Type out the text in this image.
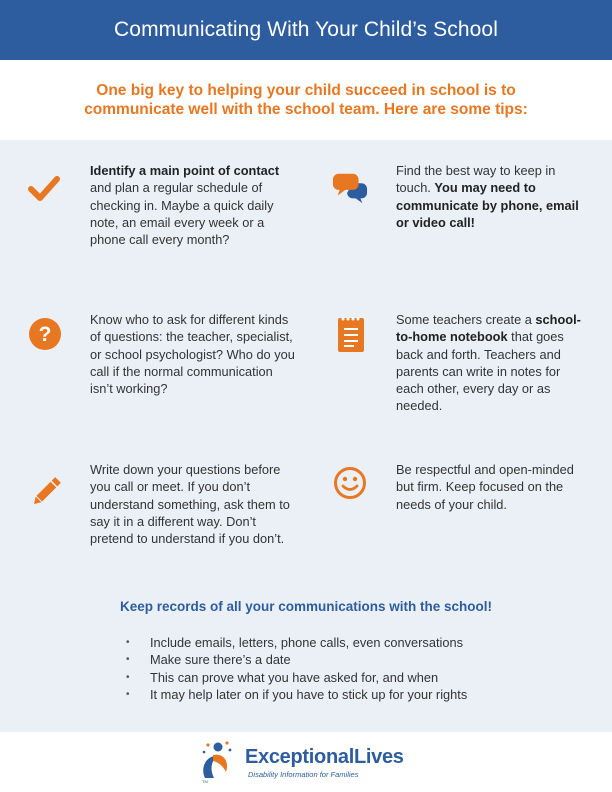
Communicating With Your Child’s School

One big key to helping your child succeed in school is to communicate well with the school team. Here are some tips:

Identify a main point of contact and plan a regular schedule of checking in. Maybe a quick daily note, an email every week or a phone call every month?
Find the best way to keep in touch. You may need to communicate by phone, email or video call!
?
Know who to ask for different kinds of questions: the teacher, specialist, or school psychologist? Who do you call if the normal communication isn’t working?
Some teachers create a school-to-home notebook that goes back and forth. Teachers and parents can write in notes for each other, every day or as needed.
Write down your questions before you call or meet. If you don’t understand something, ask them to say it in a different way. Don’t pretend to understand if you don’t.
Be respectful and open-minded but firm. Keep focused on the needs of your child.
Keep records of all your communications with the school!
• Include emails, letters, phone calls, even conversations
• Make sure there’s a date
• This can prove what you have asked for, and when
• It may help later on if you have to stick up for your rights
TM
ExceptionalLives
Disability Information for Families
